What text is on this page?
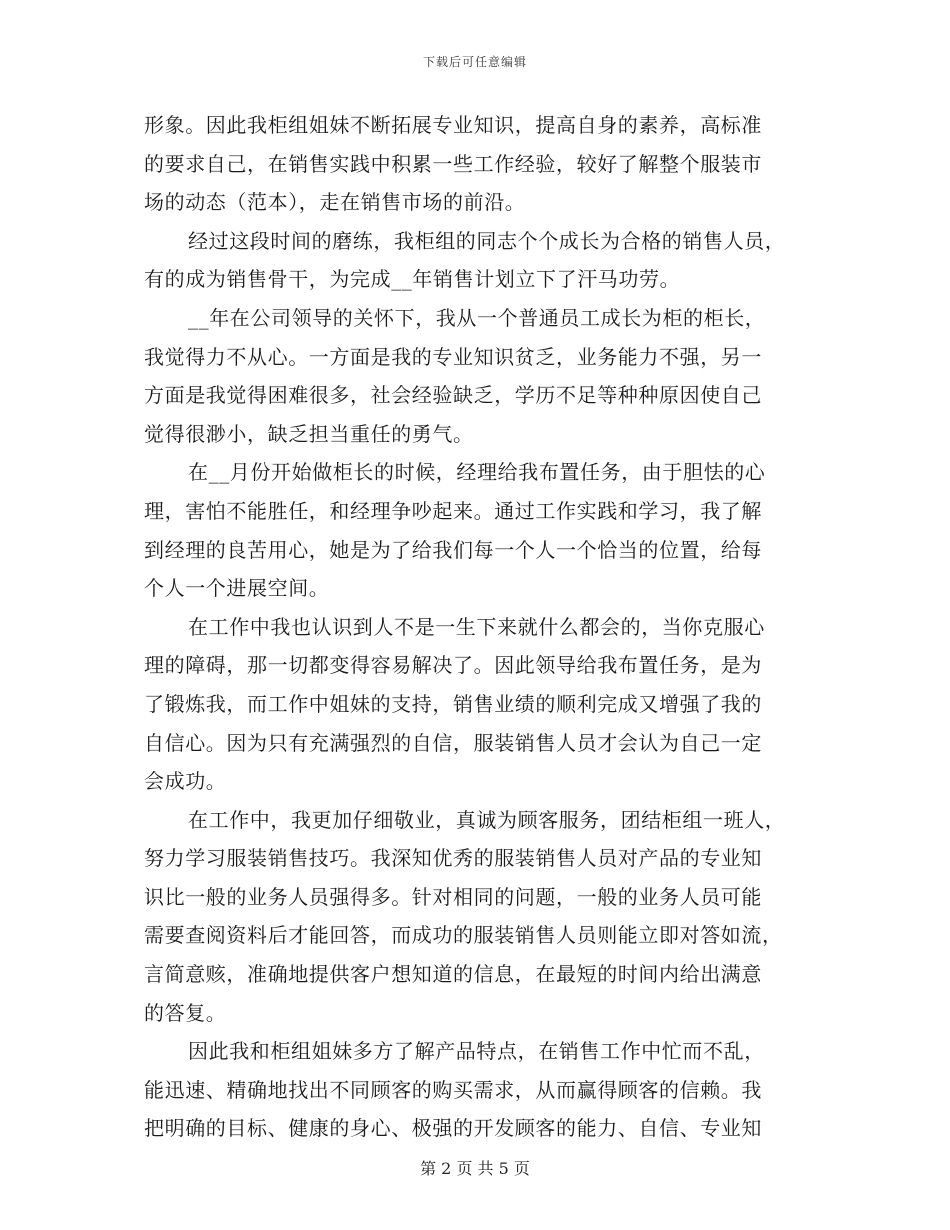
下载后可任意编辑
形象。因此我柜组姐妹不断拓展专业知识，提高自身的素养，高标准
的要求自己，在销售实践中积累一些工作经验，较好了解整个服装市
场的动态（范本），走在销售市场的前沿。
经过这段时间的磨练，我柜组的同志个个成长为合格的销售人员，
有的成为销售骨干，为完成__年销售计划立下了汗马功劳。
__年在公司领导的关怀下，我从一个普通员工成长为柜的柜长，
我觉得力不从心。一方面是我的专业知识贫乏，业务能力不强，另一
方面是我觉得困难很多，社会经验缺乏，学历不足等种种原因使自己
觉得很渺小，缺乏担当重任的勇气。
在__月份开始做柜长的时候，经理给我布置任务，由于胆怯的心
理，害怕不能胜任，和经理争吵起来。通过工作实践和学习，我了解
到经理的良苦用心，她是为了给我们每一个人一个恰当的位置，给每
个人一个进展空间。
在工作中我也认识到人不是一生下来就什么都会的，当你克服心
理的障碍，那一切都变得容易解决了。因此领导给我布置任务，是为
了锻炼我，而工作中姐妹的支持，销售业绩的顺利完成又增强了我的
自信心。因为只有充满强烈的自信，服装销售人员才会认为自己一定
会成功。
在工作中，我更加仔细敬业，真诚为顾客服务，团结柜组一班人，
努力学习服装销售技巧。我深知优秀的服装销售人员对产品的专业知
识比一般的业务人员强得多。针对相同的问题，一般的业务人员可能
需要查阅资料后才能回答，而成功的服装销售人员则能立即对答如流，
言简意赅，准确地提供客户想知道的信息，在最短的时间内给出满意
的答复。
因此我和柜组姐妹多方了解产品特点，在销售工作中忙而不乱，
能迅速、精确地找出不同顾客的购买需求，从而赢得顾客的信赖。我
把明确的目标、健康的身心、极强的开发顾客的能力、自信、专业知
第 2 页 共 5 页
